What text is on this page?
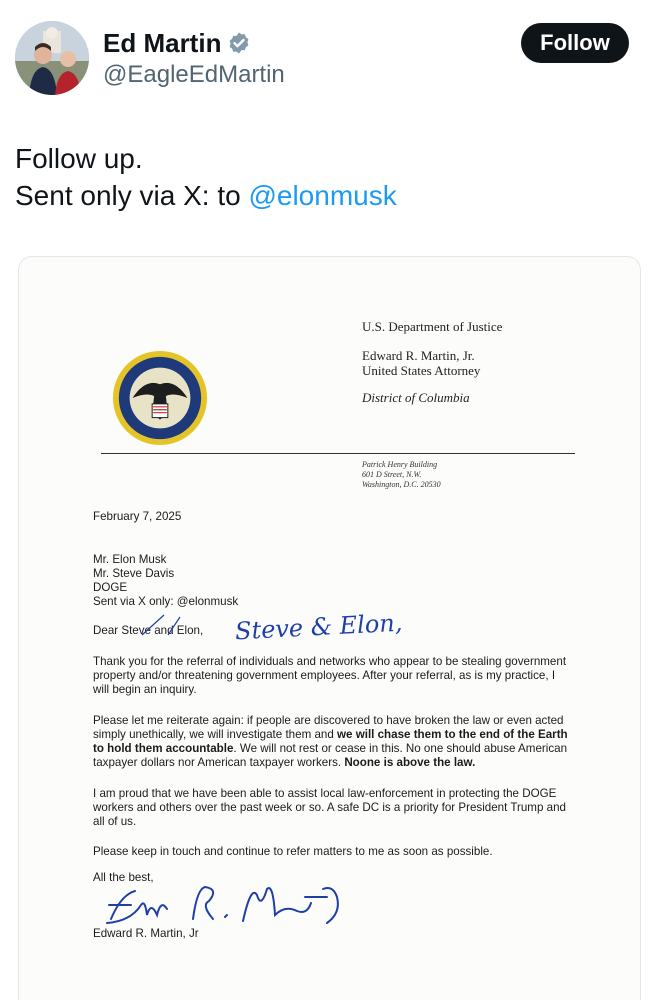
Ed Martin
@EagleEdMartin
Follow
Follow up.
Sent only via X: to @elonmusk
U.S. Department of Justice
Edward R. Martin, Jr.
United States Attorney
District of Columbia
Patrick Henry Building
601 D Street, N.W.
Washington, D.C. 20530
February 7, 2025
Mr. Elon Musk
Mr. Steve Davis
DOGE
Sent via X only: @elonmusk
Dear Steve and Elon,	Steve & Elon,
Thank you for the referral of individuals and networks who appear to be stealing government property and/or threatening government employees. After your referral, as is my practice, I will begin an inquiry.
Please let me reiterate again: if people are discovered to have broken the law or even acted simply unethically, we will investigate them and we will chase them to the end of the Earth to hold them accountable. We will not rest or cease in this. No one should abuse American taxpayer dollars nor American taxpayer workers. Noone is above the law.
I am proud that we have been able to assist local law-enforcement in protecting the DOGE workers and others over the past week or so. A safe DC is a priority for President Trump and all of us.
Please keep in touch and continue to refer matters to me as soon as possible.
All the best,
Edward R. Martin, Jr
